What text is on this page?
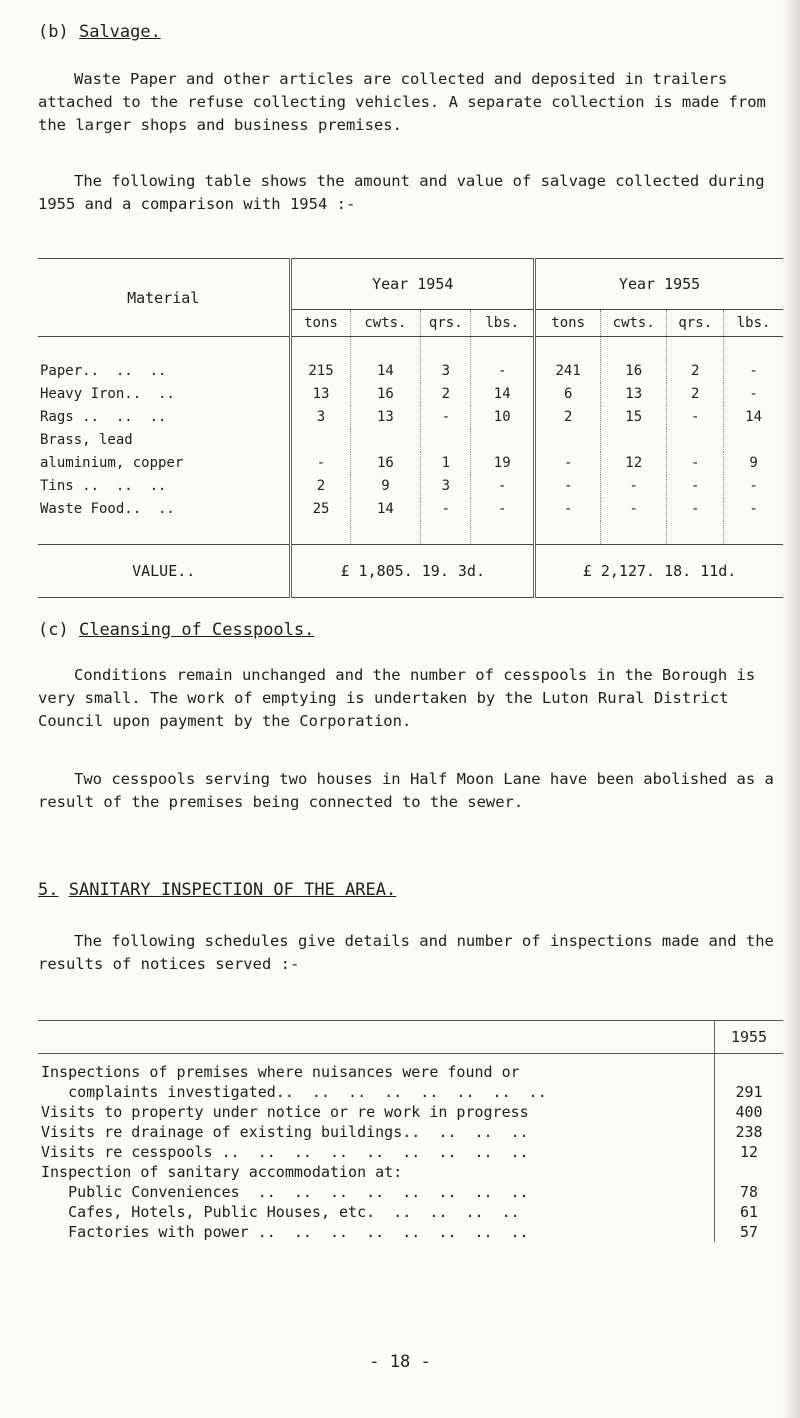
(b) Salvage.

Waste Paper and other articles are collected and deposited in trailers attached to the refuse collecting vehicles. A separate collection is made from the larger shops and business premises.

The following table shows the amount and value of salvage collected during 1955 and a comparison with 1954 :-

Material	Year 1954				Year 1955			
	tons	cwts.	qrs.	lbs.	tons	cwts.	qrs.	lbs.

Paper..  ..  ..	215	14	3	-	241	16	2	-
Heavy Iron..  ..	13	16	2	14	6	13	2	-
Rags ..  ..  ..	3	13	-	10	2	15	-	14
Brass, lead								
aluminium, copper	-	16	1	19	-	12	-	9
Tins ..  ..  ..	2	9	3	-	-	-	-	-
Waste Food..  ..	25	14	-	-	-	-	-	-

VALUE..	£ 1,805. 19. 3d.				£ 2,127. 18. 11d.			
(c) Cleansing of Cesspools.

Conditions remain unchanged and the number of cesspools in the Borough is very small. The work of emptying is undertaken by the Luton Rural District Council upon payment by the Corporation.

Two cesspools serving two houses in Half Moon Lane have been abolished as a result of the premises being connected to the sewer.

5. SANITARY INSPECTION OF THE AREA.

The following schedules give details and number of inspections made and the results of notices served :-

	1955
Inspections of premises where nuisances were found or	
complaints investigated..  ..  ..  ..  ..  ..  ..  ..	291
Visits to property under notice or re work in progress	400
Visits re drainage of existing buildings..  ..  ..  ..	238
Visits re cesspools ..  ..  ..  ..  ..  ..  ..  ..  ..	12
Inspection of sanitary accommodation at:	
Public Conveniences  ..  ..  ..  ..  ..  ..  ..  ..	78
Cafes, Hotels, Public Houses, etc.  ..  ..  ..  ..	61
Factories with power ..  ..  ..  ..  ..  ..  ..  ..	57
- 18 -
